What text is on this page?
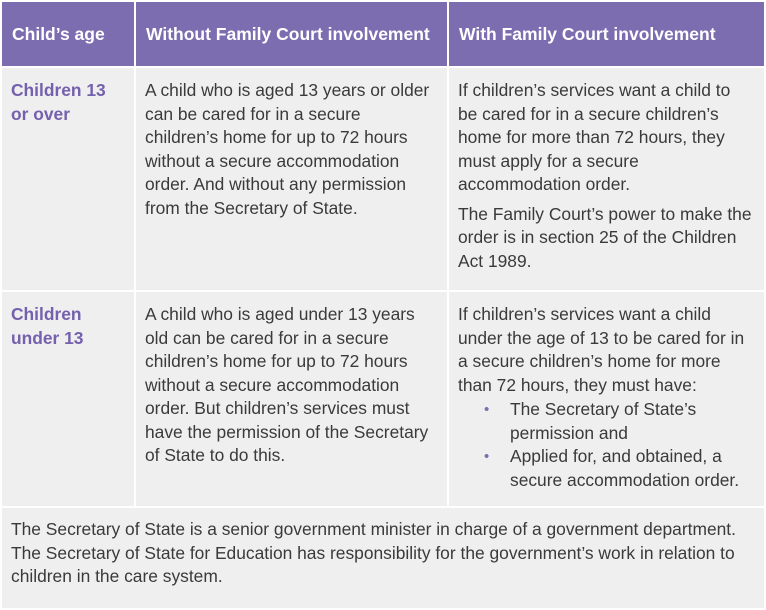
Child’s age	Without Family Court involvement	With Family Court involvement
Children 13 or over

A child who is aged 13 years or older can be cared for in a secure children’s home for up to 72 hours without a secure accommodation order. And without any permission from the Secretary of State.

If children’s services want a child to be cared for in a secure children’s home for more than 72 hours, they must apply for a secure accommodation order.

The Family Court’s power to make the order is in section 25 of the Children Act 1989.

Children under 13

A child who is aged under 13 years old can be cared for in a secure children’s home for up to 72 hours without a secure accommodation order. But children’s services must have the permission of the Secretary of State to do this.

If children’s services want a child under the age of 13 to be cared for in a secure children’s home for more than 72 hours, they must have:

• The Secretary of State’s permission and
• Applied for, and obtained, a secure accommodation order.
The Secretary of State is a senior government minister in charge of a government department. The Secretary of State for Education has responsibility for the government’s work in relation to children in the care system.
